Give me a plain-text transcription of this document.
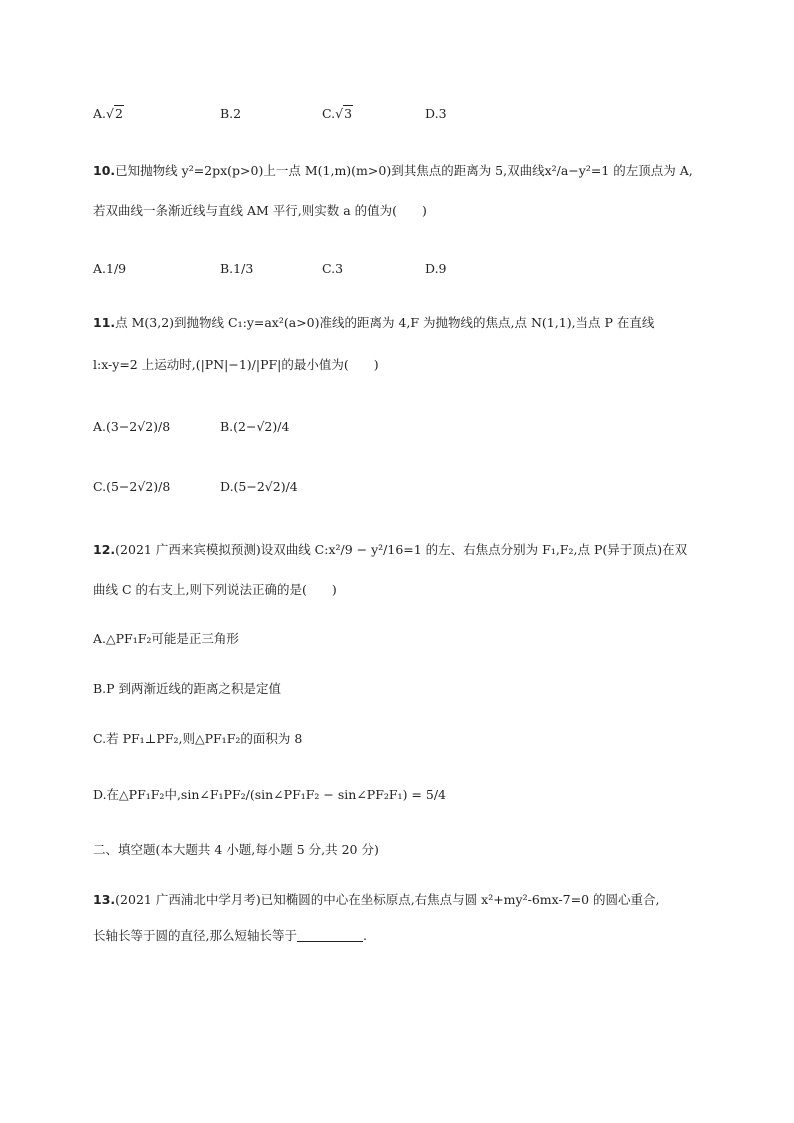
A.√2	B.2	C.√3	D.3
10.已知抛物线 y²=2px(p>0)上一点 M(1,m)(m>0)到其焦点的距离为 5,双曲线x²/a−y²=1 的左顶点为 A,
若双曲线一条渐近线与直线 AM 平行,则实数 a 的值为(　　)
A.1/9	B.1/3	C.3	D.9
11.点 M(3,2)到抛物线 C₁:y=ax²(a>0)准线的距离为 4,F 为抛物线的焦点,点 N(1,1),当点 P 在直线
l:x-y=2 上运动时,(|PN|−1)/|PF|的最小值为(　　)
A.(3−2√2)/8	B.(2−√2)/4
C.(5−2√2)/8	D.(5−2√2)/4
12.(2021 广西来宾模拟预测)设双曲线 C:x²/9 − y²/16=1 的左、右焦点分别为 F₁,F₂,点 P(异于顶点)在双
曲线 C 的右支上,则下列说法正确的是(　　)
A.△PF₁F₂可能是正三角形
B.P 到两渐近线的距离之积是定值
C.若 PF₁⊥PF₂,则△PF₁F₂的面积为 8
D.在△PF₁F₂中,sin∠F₁PF₂/(sin∠PF₁F₂ − sin∠PF₂F₁) = 5/4
二、填空题(本大题共 4 小题,每小题 5 分,共 20 分)
13.(2021 广西浦北中学月考)已知椭圆的中心在坐标原点,右焦点与圆 x²+my²-6mx-7=0 的圆心重合,
长轴长等于圆的直径,那么短轴长等于	.
